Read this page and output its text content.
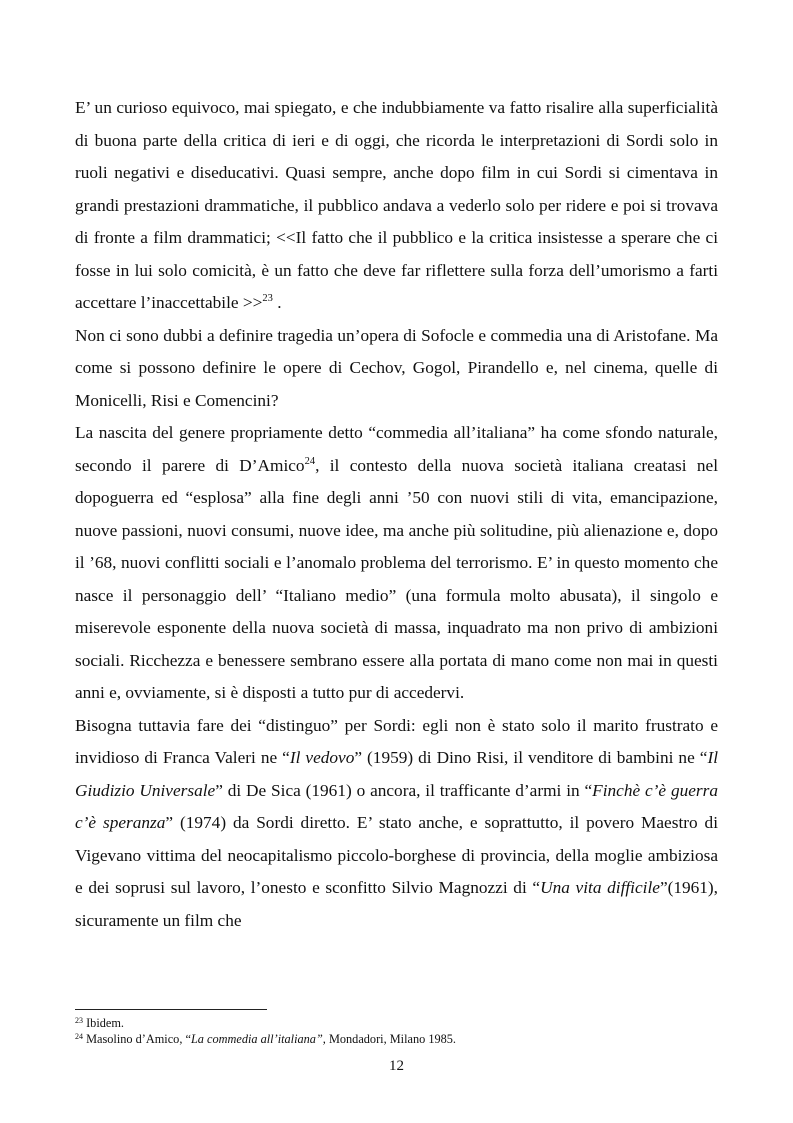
E’ un curioso equivoco, mai spiegato, e che indubbiamente va fatto risalire alla superficialità di buona parte della critica di ieri e di oggi, che ricorda le interpretazioni di Sordi solo in ruoli negativi e diseducativi. Quasi sempre, anche dopo film in cui Sordi si cimentava in grandi prestazioni drammatiche, il pubblico andava a vederlo solo per ridere e poi si trovava di fronte a film drammatici; <<Il fatto che il pubblico e la critica insistesse a sperare che ci fosse in lui solo comicità, è un fatto che deve far riflettere sulla forza dell’umorismo a farti accettare l’inaccettabile >>$^{23}$ .

Non ci sono dubbi a definire tragedia un’opera di Sofocle e commedia una di Aristofane. Ma come si possono definire le opere di Cechov, Gogol, Pirandello e, nel cinema, quelle di Monicelli, Risi e Comencini?

La nascita del genere propriamente detto “commedia all’italiana” ha come sfondo naturale, secondo il parere di D’Amico$^{24}$, il contesto della nuova società italiana creatasi nel dopoguerra ed “esplosa” alla fine degli anni ’50 con nuovi stili di vita, emancipazione, nuove passioni, nuovi consumi, nuove idee, ma anche più solitudine, più alienazione e, dopo il ’68, nuovi conflitti sociali e l’anomalo problema del terrorismo. E’ in questo momento che nasce il personaggio dell’ “Italiano medio” (una formula molto abusata), il singolo e miserevole esponente della nuova società di massa, inquadrato ma non privo di ambizioni sociali. Ricchezza e benessere sembrano essere alla portata di mano come non mai in questi anni e, ovviamente, si è disposti a tutto pur di accedervi.

Bisogna tuttavia fare dei “distinguo” per Sordi: egli non è stato solo il marito frustrato e invidioso di Franca Valeri ne “Il vedovo” (1959) di Dino Risi, il venditore di bambini ne “Il Giudizio Universale” di De Sica (1961) o ancora, il trafficante d’armi in “Finchè c’è guerra c’è speranza” (1974) da Sordi diretto. E’ stato anche, e soprattutto, il povero Maestro di Vigevano vittima del neocapitalismo piccolo-borghese di provincia, della moglie ambiziosa e dei soprusi sul lavoro, l’onesto e sconfitto Silvio Magnozzi di “Una vita difficile”(1961), sicuramente un film che

$^{23}$ Ibidem.

$^{24}$ Masolino d’Amico, “La commedia all’italiana”, Mondadori, Milano 1985.

12
